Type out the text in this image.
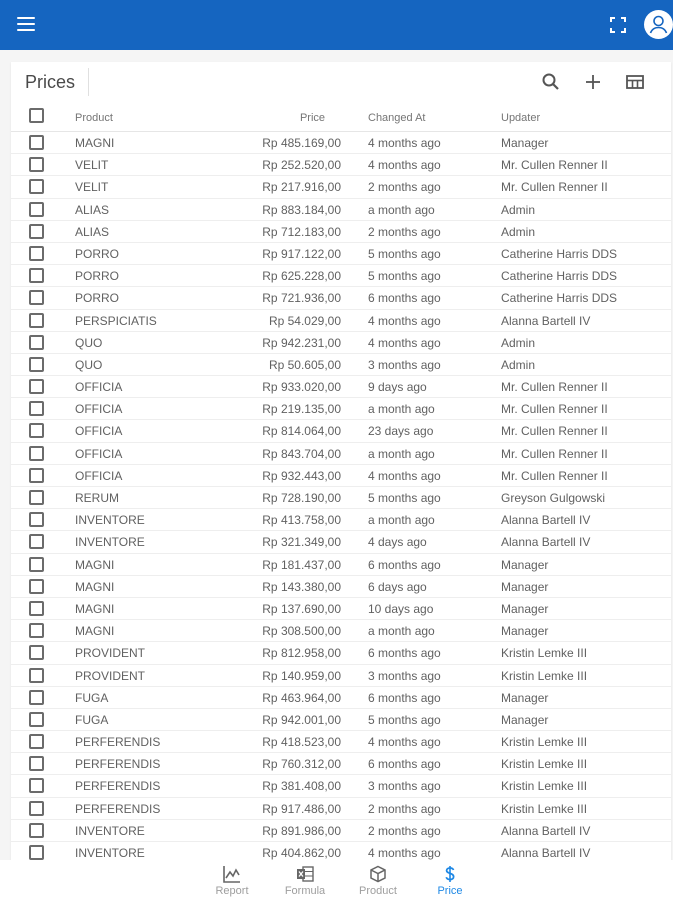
Prices
Product	Price	Changed At	Updater
MAGNI	Rp 485.169,00 4 months ago	Manager
VELIT	Rp 252.520,00 4 months ago	Mr. Cullen Renner II
VELIT	Rp 217.916,00 2 months ago	Mr. Cullen Renner II
ALIAS	Rp 883.184,00 a month ago	Admin
ALIAS	Rp 712.183,00 2 months ago	Admin
PORRO	Rp 917.122,00 5 months ago	Catherine Harris DDS
PORRO	Rp 625.228,00 5 months ago	Catherine Harris DDS
PORRO	Rp 721.936,00 6 months ago	Catherine Harris DDS
PERSPICIATIS	Rp 54.029,00 4 months ago	Alanna Bartell IV
QUO	Rp 942.231,00 4 months ago	Admin
QUO	Rp 50.605,00 3 months ago	Admin
OFFICIA	Rp 933.020,00 9 days ago	Mr. Cullen Renner II
OFFICIA	Rp 219.135,00 a month ago	Mr. Cullen Renner II
OFFICIA	Rp 814.064,00 23 days ago	Mr. Cullen Renner II
OFFICIA	Rp 843.704,00 a month ago	Mr. Cullen Renner II
OFFICIA	Rp 932.443,00 4 months ago	Mr. Cullen Renner II
RERUM	Rp 728.190,00 5 months ago	Greyson Gulgowski
INVENTORE	Rp 413.758,00 a month ago	Alanna Bartell IV
INVENTORE	Rp 321.349,00 4 days ago	Alanna Bartell IV
MAGNI	Rp 181.437,00 6 months ago	Manager
MAGNI	Rp 143.380,00 6 days ago	Manager
MAGNI	Rp 137.690,00 10 days ago	Manager
MAGNI	Rp 308.500,00 a month ago	Manager
PROVIDENT	Rp 812.958,00 6 months ago	Kristin Lemke III
PROVIDENT	Rp 140.959,00 3 months ago	Kristin Lemke III
FUGA	Rp 463.964,00 6 months ago	Manager
FUGA	Rp 942.001,00 5 months ago	Manager
PERFERENDIS	Rp 418.523,00 4 months ago	Kristin Lemke III
PERFERENDIS	Rp 760.312,00 6 months ago	Kristin Lemke III
PERFERENDIS	Rp 381.408,00 3 months ago	Kristin Lemke III
PERFERENDIS	Rp 917.486,00 2 months ago	Kristin Lemke III
INVENTORE	Rp 891.986,00 2 months ago	Alanna Bartell IV
INVENTORE	Rp 404.862,00 4 months ago	Alanna Bartell IV
Report	Formula	Product	Price
